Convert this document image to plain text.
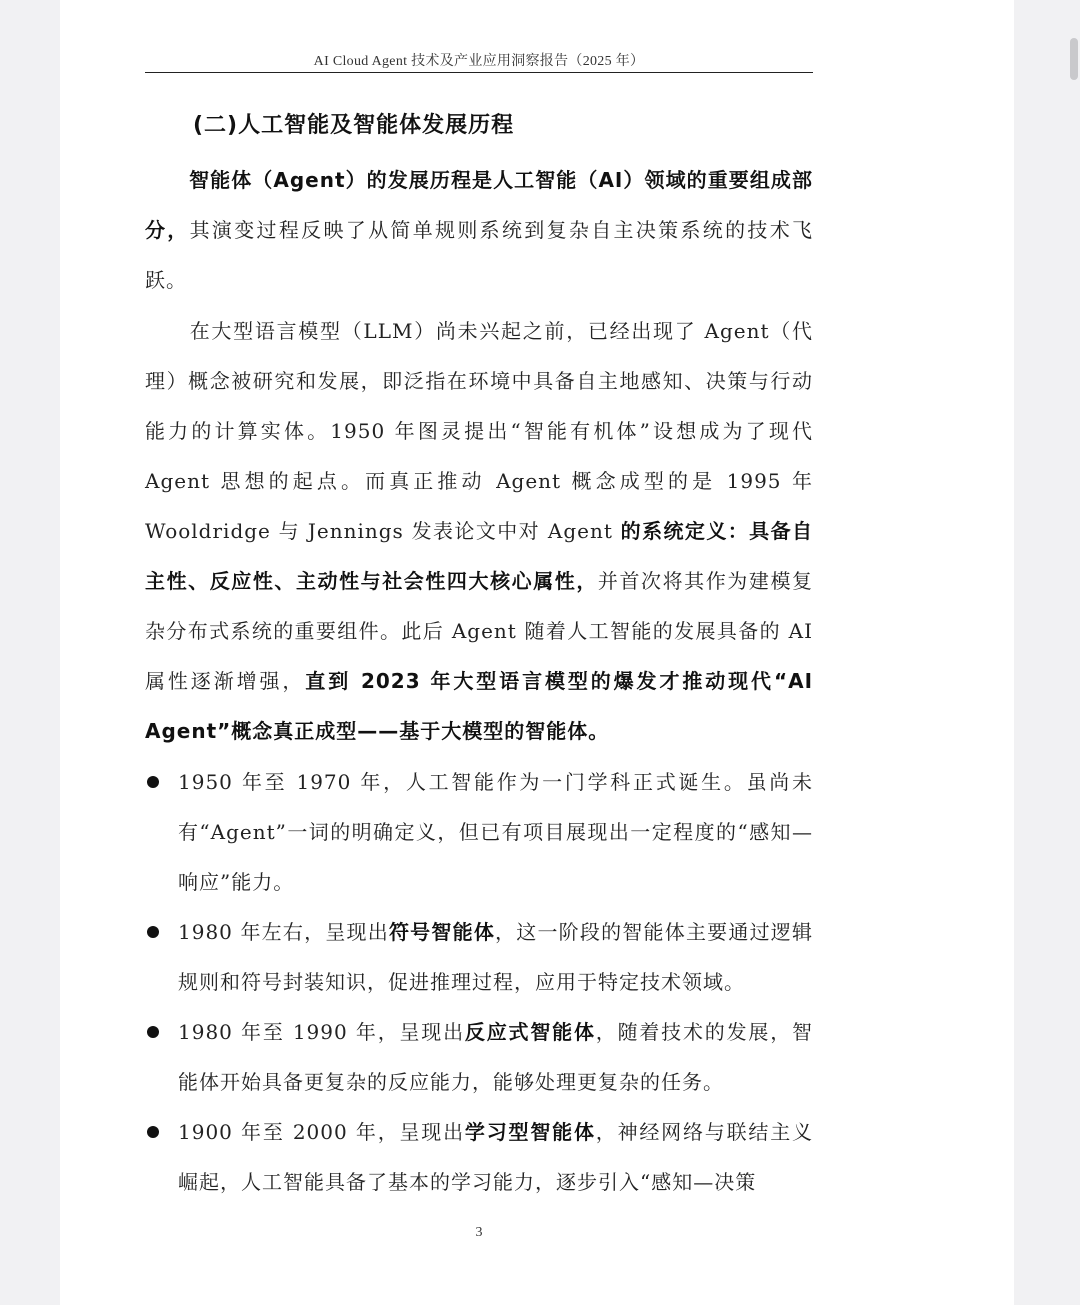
AI Cloud Agent 技术及产业应用洞察报告（2025 年）
(二)人工智能及智能体发展历程
智能体（Agent）的发展历程是人工智能（AI）领域的重要组成部分，其演变过程反映了从简单规则系统到复杂自主决策系统的技术飞跃。
在大型语言模型（LLM）尚未兴起之前，已经出现了 Agent（代理）概念被研究和发展，即泛指在环境中具备自主地感知、决策与行动能力的计算实体。1950 年图灵提出“智能有机体”设想成为了现代 Agent 思想的起点。而真正推动 Agent 概念成型的是 1995 年 Wooldridge 与 Jennings 发表论文中对 Agent 的系统定义：具备自主性、反应性、主动性与社会性四大核心属性，并首次将其作为建模复杂分布式系统的重要组件。此后 Agent 随着人工智能的发展具备的 AI 属性逐渐增强，直到 2023 年大型语言模型的爆发才推动现代“AI Agent”概念真正成型——基于大模型的智能体。
1950 年至 1970 年，人工智能作为一门学科正式诞生。虽尚未有“Agent”一词的明确定义，但已有项目展现出一定程度的“感知—响应”能力。
1980 年左右，呈现出符号智能体，这一阶段的智能体主要通过逻辑规则和符号封装知识，促进推理过程，应用于特定技术领域。
1980 年至 1990 年，呈现出反应式智能体，随着技术的发展，智能体开始具备更复杂的反应能力，能够处理更复杂的任务。
1900 年至 2000 年，呈现出学习型智能体，神经网络与联结主义崛起，人工智能具备了基本的学习能力，逐步引入“感知—决策
3
